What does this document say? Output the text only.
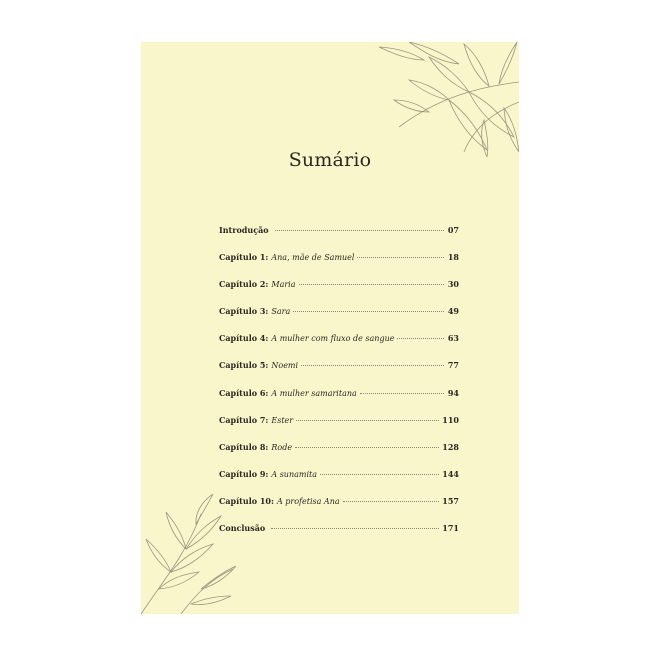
Sumário
Introdução	07
Capítulo 1: Ana, mãe de Samuel	18
Capítulo 2: Maria	30
Capítulo 3: Sara	49
Capítulo 4: A mulher com fluxo de sangue	63
Capítulo 5: Noemi	77
Capítulo 6: A mulher samaritana	94
Capítulo 7: Ester	110
Capítulo 8: Rode	128
Capítulo 9: A sunamita	144
Capítulo 10: A profetisa Ana	157
Conclusão	171
